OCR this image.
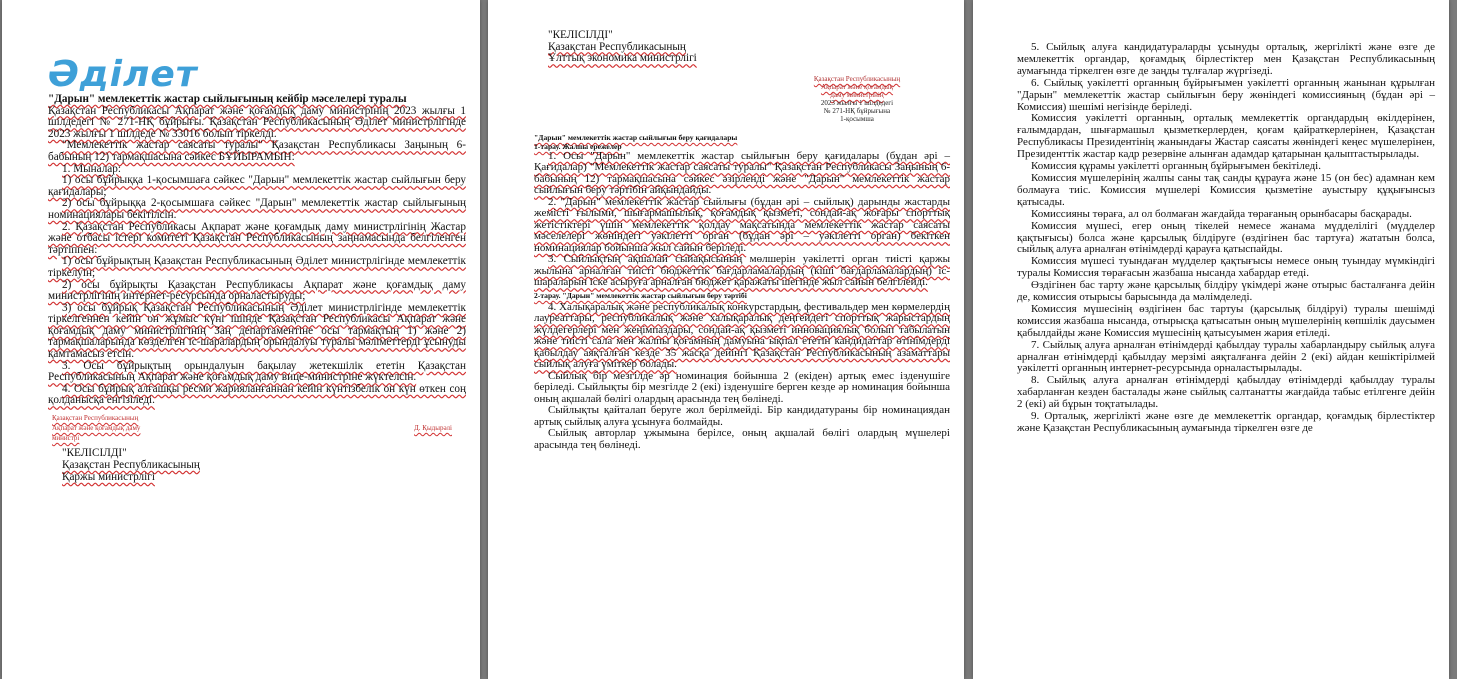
Әділет

"Дарын" мемлекеттік жастар сыйлығының кейбір мәселелері туралы

Қазақстан Республикасы Ақпарат және қоғамдық даму министрінің 2023 жылғы 1 шілдедегі № 271-НҚ бұйрығы. Қазақстан Республикасының Әділет министрлігінде 2023 жылғы 1 шілдеде № 33016 болып тіркелді.

"Мемлекеттік жастар саясаты туралы" Қазақстан Республикасы Заңының 6-бабының 12) тармақшасына сәйкес БҰЙЫРАМЫН:

1. Мыналар:

1) осы бұйрыққа 1-қосымшаға сәйкес "Дарын" мемлекеттік жастар сыйлығын беру қағидалары;

2) осы бұйрыққа 2-қосымшаға сәйкес "Дарын" мемлекеттік жастар сыйлығының номинациялары бекітілсін.

2. Қазақстан Республикасы Ақпарат және қоғамдық даму министрлігінің Жастар және отбасы істері комитеті Қазақстан Республикасының заңнамасында белгіленген тәртіппен:

1) осы бұйрықтың Қазақстан Республикасының Әділет министрлігінде мемлекеттік тіркелуін;

2) осы бұйрықты Қазақстан Республикасы Ақпарат және қоғамдық даму министрлігінің интернет-ресурсында орналастыруды;

3) осы бұйрық Қазақстан Республикасының Әділет министрлігінде мемлекеттік тіркелгеннен кейін он жұмыс күні ішінде Қазақстан Республикасы Ақпарат және қоғамдық даму министрлігінің Заң департаментіне осы тармақтың 1) және 2) тармақшаларында көзделген іс-шаралардың орындалуы туралы мәліметтерді ұсынуды қамтамасыз етсін.

3. Осы бұйрықтың орындалуын бақылау жетекшілік ететін Қазақстан Республикасының Ақпарат және қоғамдық даму вице-министріне жүктелсін.

4. Осы бұйрық алғашқы ресми жарияланғаннан кейін күнтізбелік он күн өткен соң қолданысқа енгізіледі.

Қазақстан Республикасының
Ақпарат және қоғамдық даму	Д. Қыдырәлі
министрі
"КЕЛІСІЛДІ"
Қазақстан Республикасының
Қаржы министрлігі
"КЕЛІСІЛДІ"
Қазақстан Республикасының
Ұлттық экономика министрлігі
Қазақстан Республикасының
Ақпарат және қоғамдық
даму министрінің
2023 жылғы 1 шілдедегі
№ 271-НҚ бұйрығына
1-қосымша

"Дарын" мемлекеттік жастар сыйлығын беру қағидалары

1-тарау. Жалпы ережелер

1. Осы "Дарын" мемлекеттік жастар сыйлығын беру қағидалары (бұдан әрі – Қағидалар) "Мемлекеттік жастар саясаты туралы" Қазақстан Республикасы Заңының 6-бабының 12) тармақшасына сәйкес әзірленді және "Дарын" мемлекеттік жастар сыйлығын беру тәртібін айқындайды.

2. "Дарын" мемлекеттік жастар сыйлығы (бұдан әрі – сыйлық) дарынды жастарды жемісті ғылыми, шығармашылық, қоғамдық қызметі, сондай-ақ жоғары спорттық жетістіктері үшін мемлекеттік қолдау мақсатында мемлекеттік жастар саясаты мәселелері жөніндегі уәкілетті орган (бұдан әрі – уәкілетті орган) бекіткен номинациялар бойынша жыл сайын беріледі.

3. Сыйлықтың ақшалай сыйақысының мөлшерін уәкілетті орган тиісті қаржы жылына арналған тиісті бюджеттік бағдарламалардың (кіші бағдарламалардың) іс-шараларын іске асыруға арналған бюджет қаражаты шегінде жыл сайын белгілейді.

2-тарау. "Дарын" мемлекеттік жастар сыйлығын беру тәртібі

4. Халықаралық және республикалық конкурстардың, фестивальдер мен көрмелердің лауреаттары, республикалық және халықаралық деңгейдегі спорттық жарыстардың жүлдегерлері мен жеңімпаздары, сондай-ақ қызметі инновациялық болып табылатын және тиісті сала мен жалпы қоғамның дамуына ықпал ететін кандидаттар өтінімдерді қабылдау аяқталған кезде 35 жасқа дейінгі Қазақстан Республикасының азаматтары сыйлық алуға үміткер болады.

Сыйлық бір мезгілде әр номинация бойынша 2 (екіден) артық емес ізденушіге беріледі. Сыйлықты бір мезгілде 2 (екі) ізденушіге берген кезде әр номинация бойынша оның ақшалай бөлігі олардың арасында тең бөлінеді.

Сыйлықты қайталап беруге жол берілмейді. Бір кандидатураны бір номинациядан артық сыйлық алуға ұсынуға болмайды.

Сыйлық авторлар ұжымына берілсе, оның ақшалай бөлігі олардың мүшелері арасында тең бөлінеді.

5. Сыйлық алуға кандидатураларды ұсынуды орталық, жергілікті және өзге де мемлекеттік органдар, қоғамдық бірлестіктер мен Қазақстан Республикасының аумағында тіркелген өзге де заңды тұлғалар жүргізеді.

6. Сыйлық уәкілетті органның бұйрығымен уәкілетті органның жанынан құрылған "Дарын" мемлекеттік жастар сыйлығын беру жөніндегі комиссияның (бұдан әрі – Комиссия) шешімі негізінде беріледі.

Комиссия уәкілетті органның, орталық мемлекеттік органдардың өкілдерінен, ғалымдардан, шығармашыл қызметкерлерден, қоғам қайраткерлерінен, Қазақстан Республикасы Президентінің жанындағы Жастар саясаты жөніндегі кеңес мүшелерінен, Президенттік жастар кадр резервіне алынған адамдар қатарынан қалыптастырылады.

Комиссия құрамы уәкілетті органның бұйрығымен бекітіледі.

Комиссия мүшелерінің жалпы саны тақ санды құрауға және 15 (он бес) адамнан кем болмауға тиіс. Комиссия мүшелері Комиссия қызметіне ауыстыру құқығынсыз қатысады.

Комиссияны төраға, ал ол болмаған жағдайда төрағаның орынбасары басқарады.

Комиссия мүшесі, егер оның тікелей немесе жанама мүдделілігі (мүдделер қақтығысы) болса және қарсылық білдіруге (өздігінен бас тартуға) жататын болса, сыйлық алуға арналған өтінімдерді қарауға қатыспайды.

Комиссия мүшесі туындаған мүдделер қақтығысы немесе оның туындау мүмкіндігі туралы Комиссия төрағасын жазбаша нысанда хабардар етеді.

Өздігінен бас тарту және қарсылық білдіру үкімдері және отырыс басталғанға дейін де, комиссия отырысы барысында да мәлімделеді.

Комиссия мүшесінің өздігінен бас тартуы (қарсылық білдіруі) туралы шешімді комиссия жазбаша нысанда, отырысқа қатысатын оның мүшелерінің көпшілік даусымен қабылдайды және Комиссия мүшесінің қатысуымен жария етіледі.

7. Сыйлық алуға арналған өтінімдерді қабылдау туралы хабарландыру сыйлық алуға арналған өтінімдерді қабылдау мерзімі аяқталғанға дейін 2 (екі) айдан кешіктірілмей уәкілетті органның интернет-ресурсында орналастырылады.

8. Сыйлық алуға арналған өтінімдерді қабылдау өтінімдерді қабылдау туралы хабарланған кезден басталады және сыйлық салтанатты жағдайда табыс етілгенге дейін 2 (екі) ай бұрын тоқтатылады.

9. Орталық, жергілікті және өзге де мемлекеттік органдар, қоғамдық бірлестіктер және Қазақстан Республикасының аумағында тіркелген өзге де
